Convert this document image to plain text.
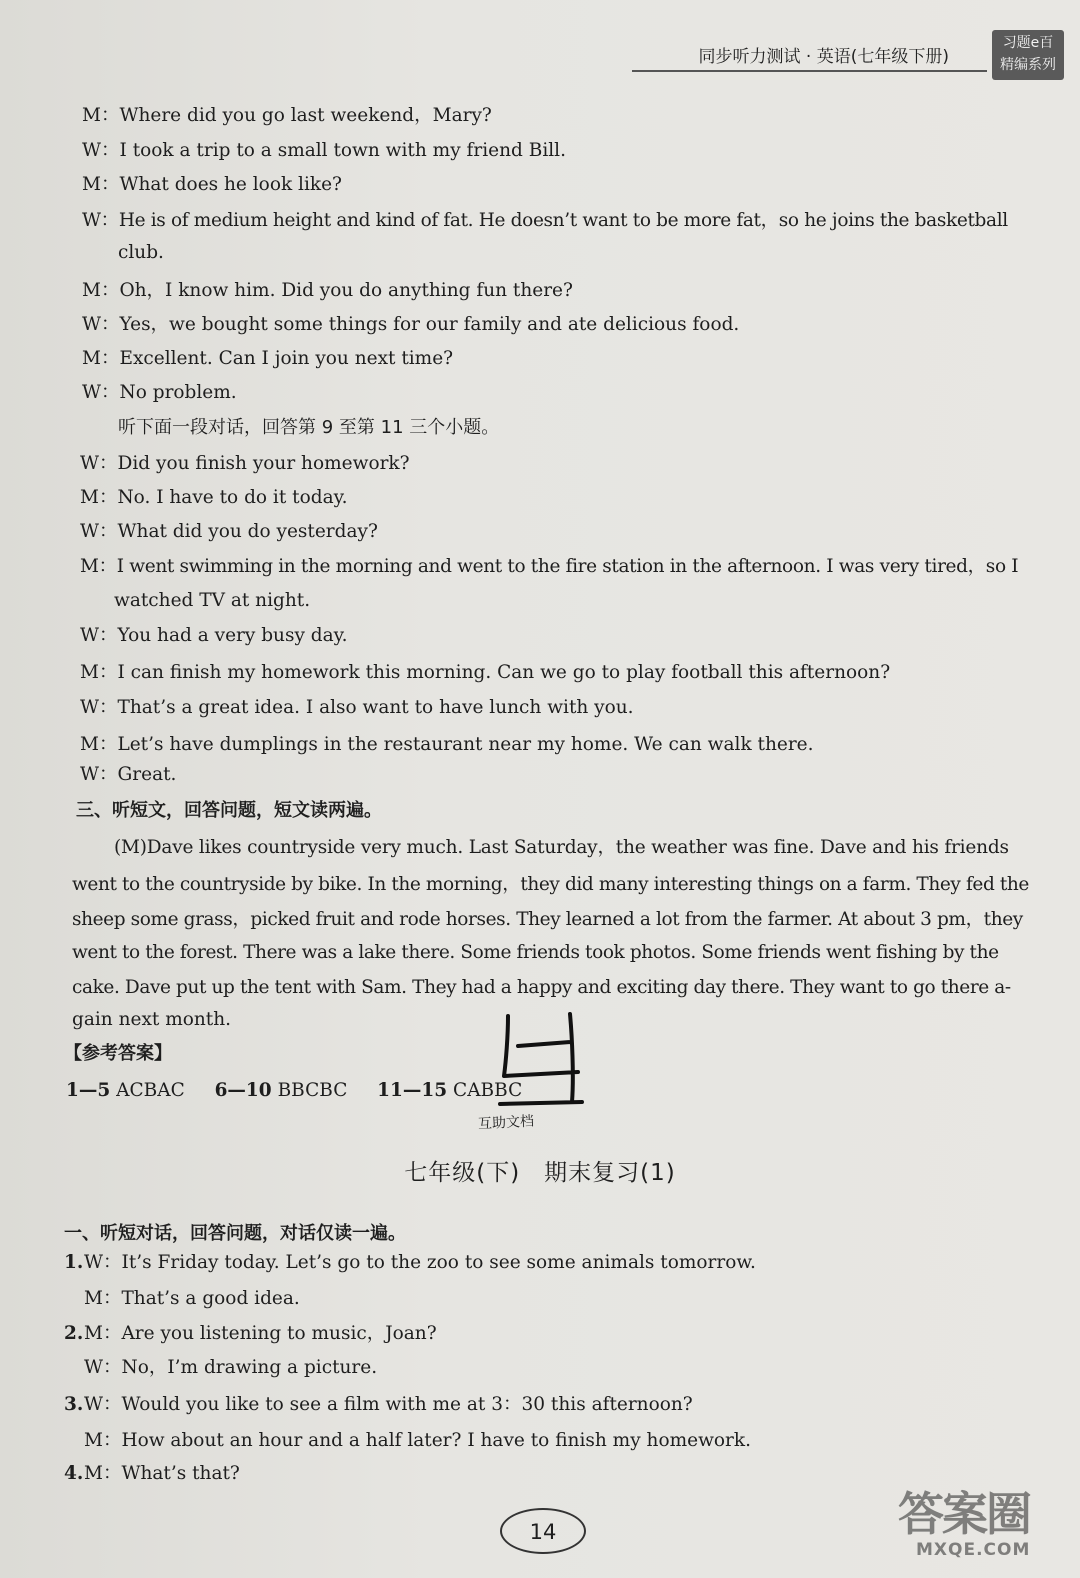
同步听力测试 · 英语(七年级下册)
习题e百
精编系列
M：Where did you go last weekend，Mary?
W：I took a trip to a small town with my friend Bill.
M：What does he look like?
W：He is of medium height and kind of fat. He doesn’t want to be more fat，so he joins the basketball
club.
M：Oh，I know him. Did you do anything fun there?
W：Yes，we bought some things for our family and ate delicious food.
M：Excellent. Can I join you next time?
W：No problem.
听下面一段对话，回答第 9 至第 11 三个小题。
W：Did you finish your homework?
M：No. I have to do it today.
W：What did you do yesterday?
M：I went swimming in the morning and went to the fire station in the afternoon. I was very tired，so I
watched TV at night.
W：You had a very busy day.
M：I can finish my homework this morning. Can we go to play football this afternoon?
W：That’s a great idea. I also want to have lunch with you.
M：Let’s have dumplings in the restaurant near my home. We can walk there.
W：Great.
三、听短文，回答问题，短文读两遍。
(M)Dave likes countryside very much. Last Saturday，the weather was fine. Dave and his friends
went to the countryside by bike. In the morning，they did many interesting things on a farm. They fed the
sheep some grass，picked fruit and rode horses. They learned a lot from the farmer. At about 3 pm，they
went to the forest. There was a lake there. Some friends took photos. Some friends went fishing by the
cake. Dave put up the tent with Sam. They had a happy and exciting day there. They want to go there a-
gain next month.
【参考答案】
1—5 ACBAC 6—10 BBCBC 11—15 CABBC
互助文档
七年级(下)　期末复习(1)
一、听短对话，回答问题，对话仅读一遍。
1.W：It’s Friday today. Let’s go to the zoo to see some animals tomorrow.
M：That’s a good idea.
2.M：Are you listening to music，Joan?
W：No，I’m drawing a picture.
3.W：Would you like to see a film with me at 3：30 this afternoon?
M：How about an hour and a half later? I have to finish my homework.
4.M：What’s that?
14	答案圈
MXQE.COM
